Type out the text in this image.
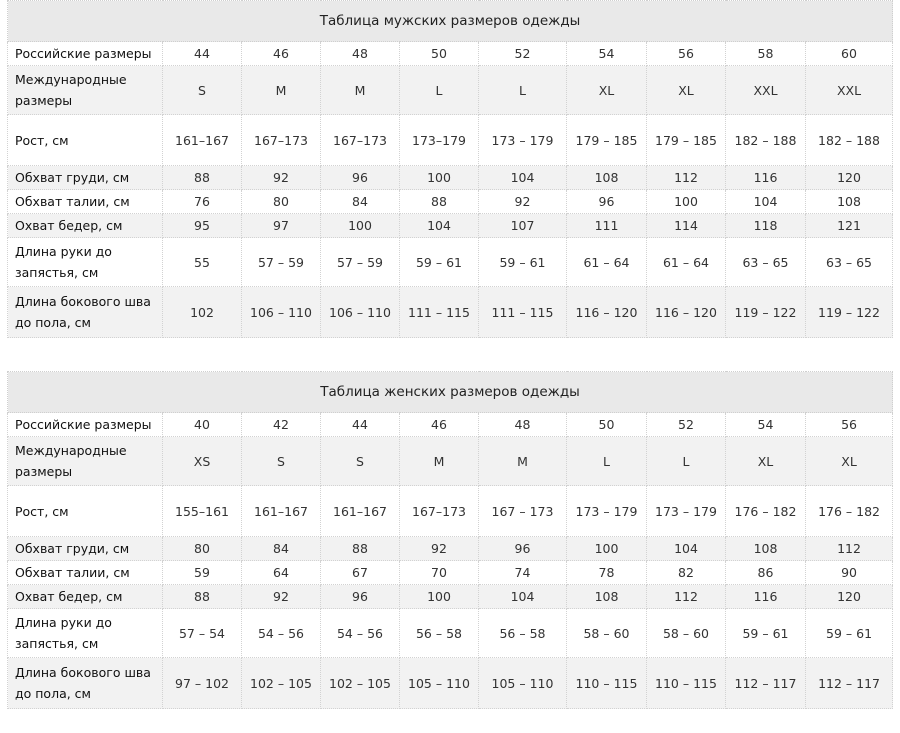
Таблица мужских размеров одежды									
Российские размеры	44	46	48	50	52	54	56	58	60
Международные размеры	S	M	M	L	L	XL	XL	XXL	XXL
Рост, см	161–167	167–173	167–173	173–179	173 – 179	179 – 185	179 – 185	182 – 188	182 – 188
Обхват груди, см	88	92	96	100	104	108	112	116	120
Обхват талии, см	76	80	84	88	92	96	100	104	108
Охват бедер, см	95	97	100	104	107	111	114	118	121
Длина руки до запястья, см	55	57 – 59	57 – 59	59 – 61	59 – 61	61 – 64	61 – 64	63 – 65	63 – 65
Длина бокового шва до пола, см	102	106 – 110	106 – 110	111 – 115	111 – 115	116 – 120	116 – 120	119 – 122	119 – 122
Таблица женских размеров одежды									
Российские размеры	40	42	44	46	48	50	52	54	56
Международные размеры	XS	S	S	M	M	L	L	XL	XL
Рост, см	155–161	161–167	161–167	167–173	167 – 173	173 – 179	173 – 179	176 – 182	176 – 182
Обхват груди, см	80	84	88	92	96	100	104	108	112
Обхват талии, см	59	64	67	70	74	78	82	86	90
Охват бедер, см	88	92	96	100	104	108	112	116	120
Длина руки до запястья, см	57 – 54	54 – 56	54 – 56	56 – 58	56 – 58	58 – 60	58 – 60	59 – 61	59 – 61
Длина бокового шва до пола, см	97 – 102	102 – 105	102 – 105	105 – 110	105 – 110	110 – 115	110 – 115	112 – 117	112 – 117
